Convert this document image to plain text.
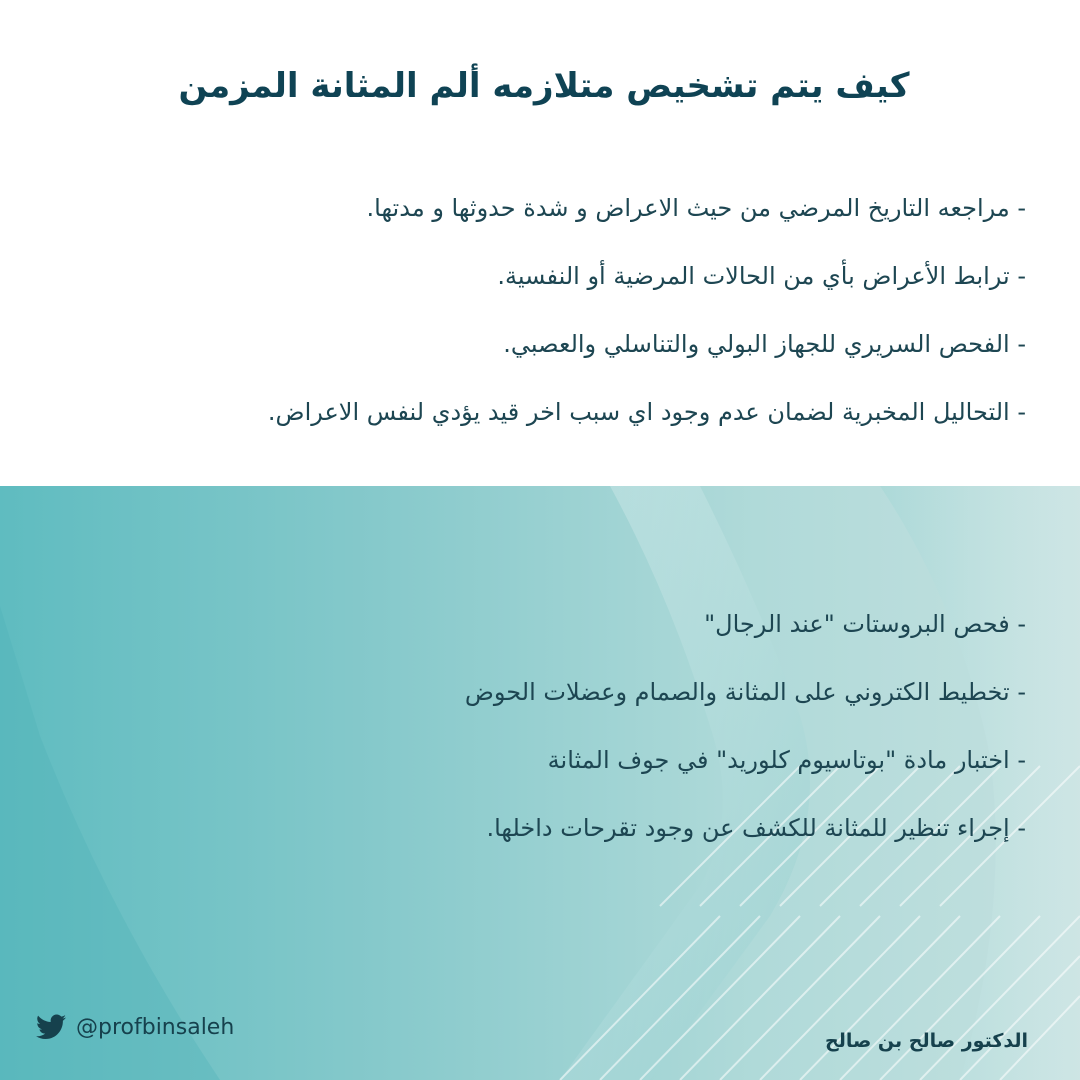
كيف يتم تشخيص متلازمه ألم المثانة المزمن
- مراجعه التاريخ المرضي من حيث الاعراض و شدة حدوثها و مدتها.
- ترابط الأعراض بأي من الحالات المرضية أو النفسية.
- الفحص السريري للجهاز البولي والتناسلي والعصبي.
- التحاليل المخبرية لضمان عدم وجود اي سبب اخر قيد يؤدي لنفس الاعراض.
- فحص البروستات "عند الرجال"
- تخطيط الكتروني على المثانة والصمام وعضلات الحوض
- اختبار مادة "بوتاسيوم كلوريد" في جوف المثانة
- إجراء تنظير للمثانة للكشف عن وجود تقرحات داخلها.
@profbinsaleh
الدكتور صالح بن صالح
